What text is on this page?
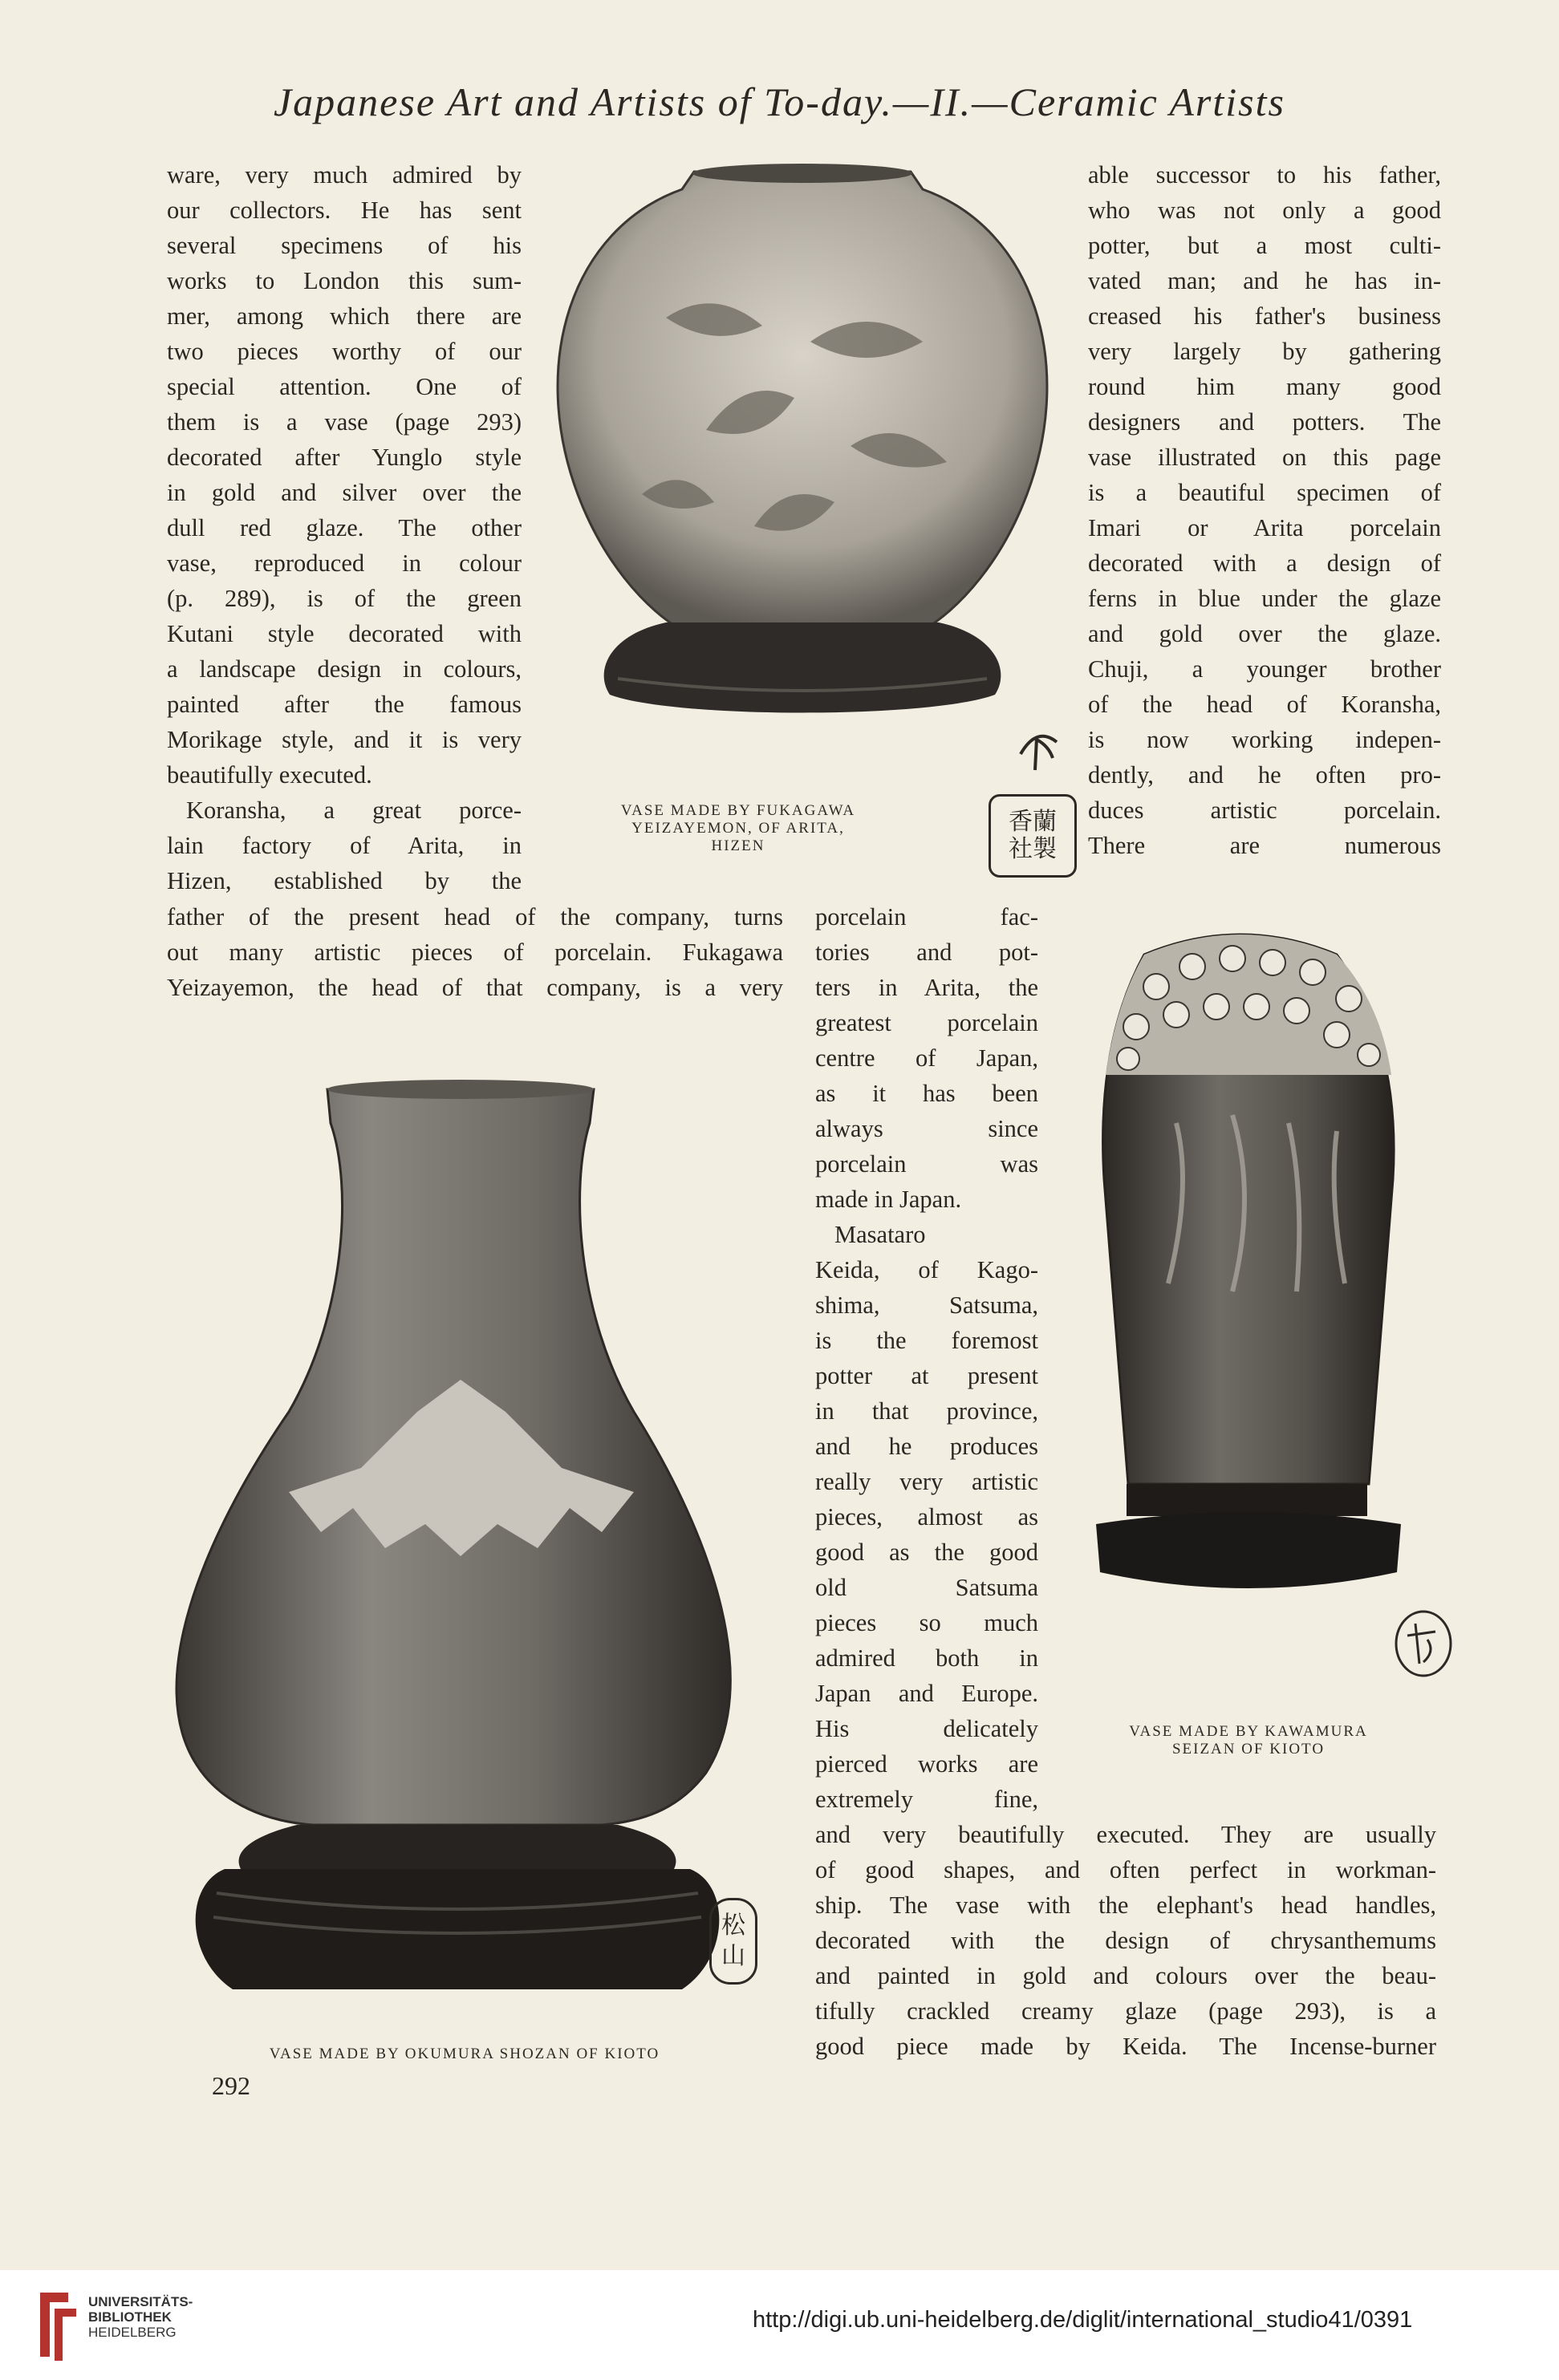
Japanese Art and Artists of To-day.—II.—Ceramic Artists
ware, very much admired by
our collectors. He has sent
several specimens of his
works to London this sum-
mer, among which there are
two pieces worthy of our
special attention. One of
them is a vase (page 293)
decorated after Yunglo style
in gold and silver over the
dull red glaze. The other
vase, reproduced in colour
(p. 289), is of the green
Kutani style decorated with
a landscape design in colours,
painted after the famous
Morikage style, and it is very
beautifully executed.
Koransha, a great porce-
lain factory of Arita, in
Hizen, established by the
able successor to his father,
who was not only a good
potter, but a most culti-
vated man; and he has in-
creased his father's business
very largely by gathering
round him many good
designers and potters. The
vase illustrated on this page
is a beautiful specimen of
Imari or Arita porcelain
decorated with a design of
ferns in blue under the glaze
and gold over the glaze.
Chuji, a younger brother
of the head of Koransha,
is now working indepen-
dently, and he often pro-
duces artistic porcelain.
There are numerous
father of the present head of the company, turns
out many artistic pieces of porcelain. Fukagawa
Yeizayemon, the head of that company, is a very
porcelain fac-
tories and pot-
ters in Arita, the
greatest porcelain
centre of Japan,
as it has been
always since
porcelain was
made in Japan.
Masataro
Keida, of Kago-
shima, Satsuma,
is the foremost
potter at present
in that province,
and he produces
really very artistic
pieces, almost as
good as the good
old Satsuma
pieces so much
admired both in
Japan and Europe.
His delicately
pierced works are
extremely fine,
and very beautifully executed. They are usually
of good shapes, and often perfect in workman-
ship. The vase with the elephant's head handles,
decorated with the design of chrysanthemums
and painted in gold and colours over the beau-
tifully crackled creamy glaze (page 293), is a
good piece made by Keida. The Incense-burner
香蘭社製
VASE MADE BY FUKAGAWA
YEIZAYEMON, OF ARITA,
HIZEN
松山
VASE MADE BY OKUMURA SHOZAN OF KIOTO
VASE MADE BY KAWAMURA
SEIZAN OF KIOTO
292
UNIVERSITÄTS-
BIBLIOTHEK
HEIDELBERG	http://digi.ub.uni-heidelberg.de/diglit/international_studio41/0391
